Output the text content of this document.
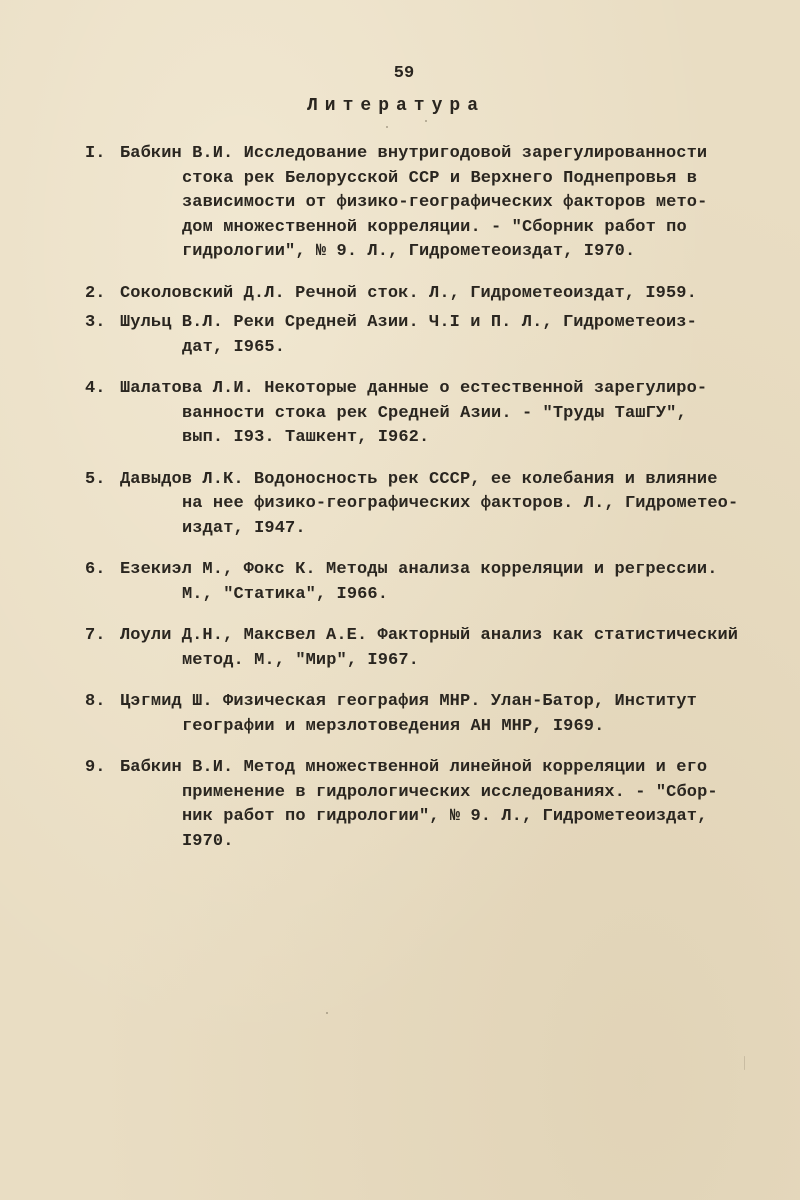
59
Литература
I. Бабкин В.И. Исследование внутригодовой зарегулированности
стока рек Белорусской ССР и Верхнего Поднепровья в
зависимости от физико-географических факторов мето-
дом множественной корреляции. - "Сборник работ по
гидрологии", № 9. Л., Гидрометеоиздат, I970.
2. Соколовский Д.Л. Речной сток. Л., Гидрометеоиздат, I959.
3. Шульц В.Л. Реки Средней Азии. Ч.I и П. Л., Гидрометеоиз-
дат, I965.
4. Шалатова Л.И. Некоторые данные о естественной зарегулиро-
ванности стока рек Средней Азии. - "Труды ТашГУ",
вып. I93. Ташкент, I962.
5. Давыдов Л.К. Водоносность рек СССР, ее колебания и влияние
на нее физико-географических факторов. Л., Гидрометео-
издат, I947.
6. Езекиэл М., Фокс К. Методы анализа корреляции и регрессии.
М., "Статика", I966.
7. Лоули Д.Н., Максвел А.Е. Факторный анализ как статистический
метод. М., "Мир", I967.
8. Цэгмид Ш. Физическая география МНР. Улан-Батор, Институт
географии и мерзлотоведения АН МНР, I969.
9. Бабкин В.И. Метод множественной линейной корреляции и его
применение в гидрологических исследованиях. - "Сбор-
ник работ по гидрологии", № 9. Л., Гидрометеоиздат,
I970.
